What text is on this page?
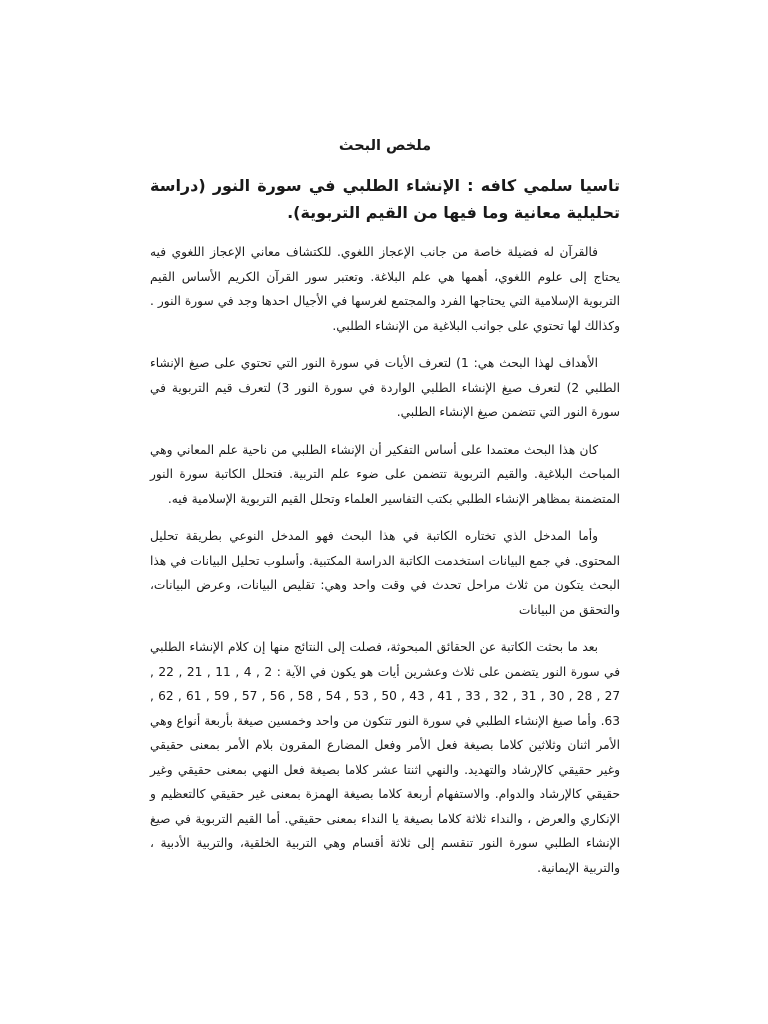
ملخص البحث
تاسيا سلمي كافه : الإنشاء الطلبي في سورة النور (دراسة تحليلية معانية وما فيها من القيم التربوية).

فالقرآن له فضيلة خاصة من جانب الإعجاز اللغوي. للكتشاف معاني الإعجاز اللغوي فيه يحتاج إلى علوم اللغوي، أهمها هي علم البلاغة. وتعتبر سور القرآن الكريم الأساس القيم التربوية الإسلامية التي يحتاجها الفرد والمجتمع لغرسها في الأجيال احدها وجد في سورة النور . وكذالك لها تحتوي على جوانب البلاغية من الإنشاء الطلبي.

الأهداف لهذا البحث هي: 1) لتعرف الأيات في سورة النور التي تحتوي على صيغ الإنشاء الطلبي 2) لتعرف صيغ الإنشاء الطلبي الواردة في سورة النور 3) لتعرف قيم التربوية في سورة النور التي تتضمن صيغ الإنشاء الطلبي.

كان هذا البحث معتمدا على أساس التفكير أن الإنشاء الطلبي من ناحية علم المعاني وهي المباحث البلاغية. والقيم التربوية تتضمن على ضوء علم التربية. فتحلل الكاتبة سورة النور المتضمنة بمظاهر الإنشاء الطلبي بكتب التفاسير العلماء وتحلل القيم التربوية الإسلامية فيه.

وأما المدخل الذي تختاره الكاتبة في هذا البحث فهو المدخل النوعي بطريقة تحليل المحتوى. في جمع البيانات استخدمت الكاتبة الدراسة المكتبية. وأسلوب تحليل البيانات في هذا البحث يتكون من ثلاث مراحل تحدث في وقت واحد وهي: تقليص البيانات، وعرض البيانات، والتحقق من البيانات

بعد ما بحثت الكاتبة عن الحقائق المبحوثة، فصلت إلى النتائج منها إن كلام الإنشاء الطلبي في سورة النور يتضمن على ثلاث وعشرين أيات هو يكون في الآية : 2 , 4 , 11 , 21 , 22 , 27 , 28 , 30 , 31 , 32 , 33 , 41 , 43 , 50 , 53 , 54 , 58 , 56 , 57 , 59 , 61 , 62 , 63. وأما صيغ الإنشاء الطلبي في سورة النور تتكون من واحد وخمسين صيغة بأربعة أنواع وهي الأمر اثنان وثلاثين كلاما بصيغة فعل الأمر وفعل المضارع المقرون بلام الأمر بمعنى حقيقي وغير حقيقي كالإرشاد والتهديد. والنهي اثنتا عشر كلاما بصيغة فعل النهي بمعنى حقيقي وغير حقيقي كالإرشاد والدوام. والاستفهام أربعة كلاما بصيغة الهمزة بمعنى غير حقيقي كالتعظيم و الإنكاري والعرض ، والنداء ثلاثة كلاما بصيغة يا النداء بمعنى حقيقي. أما القيم التربوية في صيغ الإنشاء الطلبي سورة النور تنقسم إلى ثلاثة أقسام وهي التربية الخلقية، والتربية الأدبية ، والتربية الإيمانية.
